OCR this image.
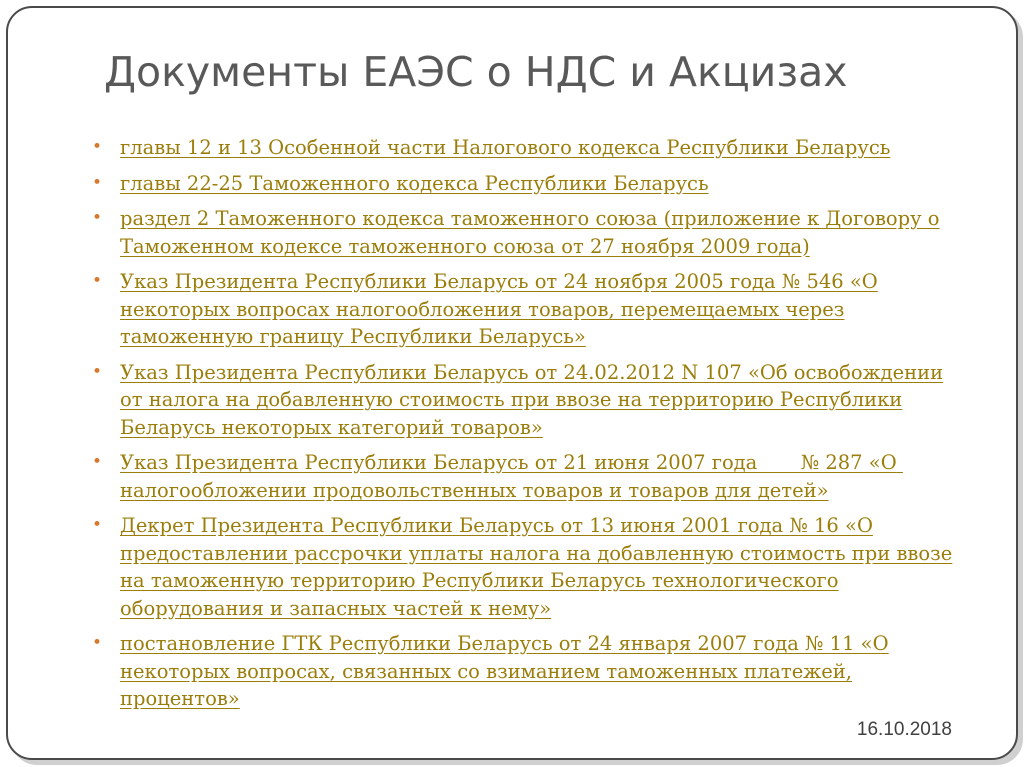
Документы ЕАЭС о НДС и Акцизах
• главы 12 и 13 Особенной части Налогового кодекса Республики Беларусь
• главы 22-25 Таможенного кодекса Республики Беларусь
• раздел 2 Таможенного кодекса таможенного союза (приложение к Договору о Таможенном кодексе таможенного союза от 27 ноября 2009 года)
• Указ Президента Республики Беларусь от 24 ноября 2005 года № 546 «О некоторых вопросах налогообложения товаров, перемещаемых через таможенную границу Республики Беларусь»
• Указ Президента Республики Беларусь от 24.02.2012 N 107 «Об освобождении от налога на добавленную стоимость при ввозе на территорию Республики Беларусь некоторых категорий товаров»
• Указ Президента Республики Беларусь от 21 июня 2007 года       № 287 «О налогообложении продовольственных товаров и товаров для детей»
• Декрет Президента Республики Беларусь от 13 июня 2001 года № 16 «О предоставлении рассрочки уплаты налога на добавленную стоимость при ввозе на таможенную территорию Республики Беларусь технологического оборудования и запасных частей к нему»
• постановление ГТК Республики Беларусь от 24 января 2007 года № 11 «О некоторых вопросах, связанных со взиманием таможенных платежей, процентов»
16.10.2018
